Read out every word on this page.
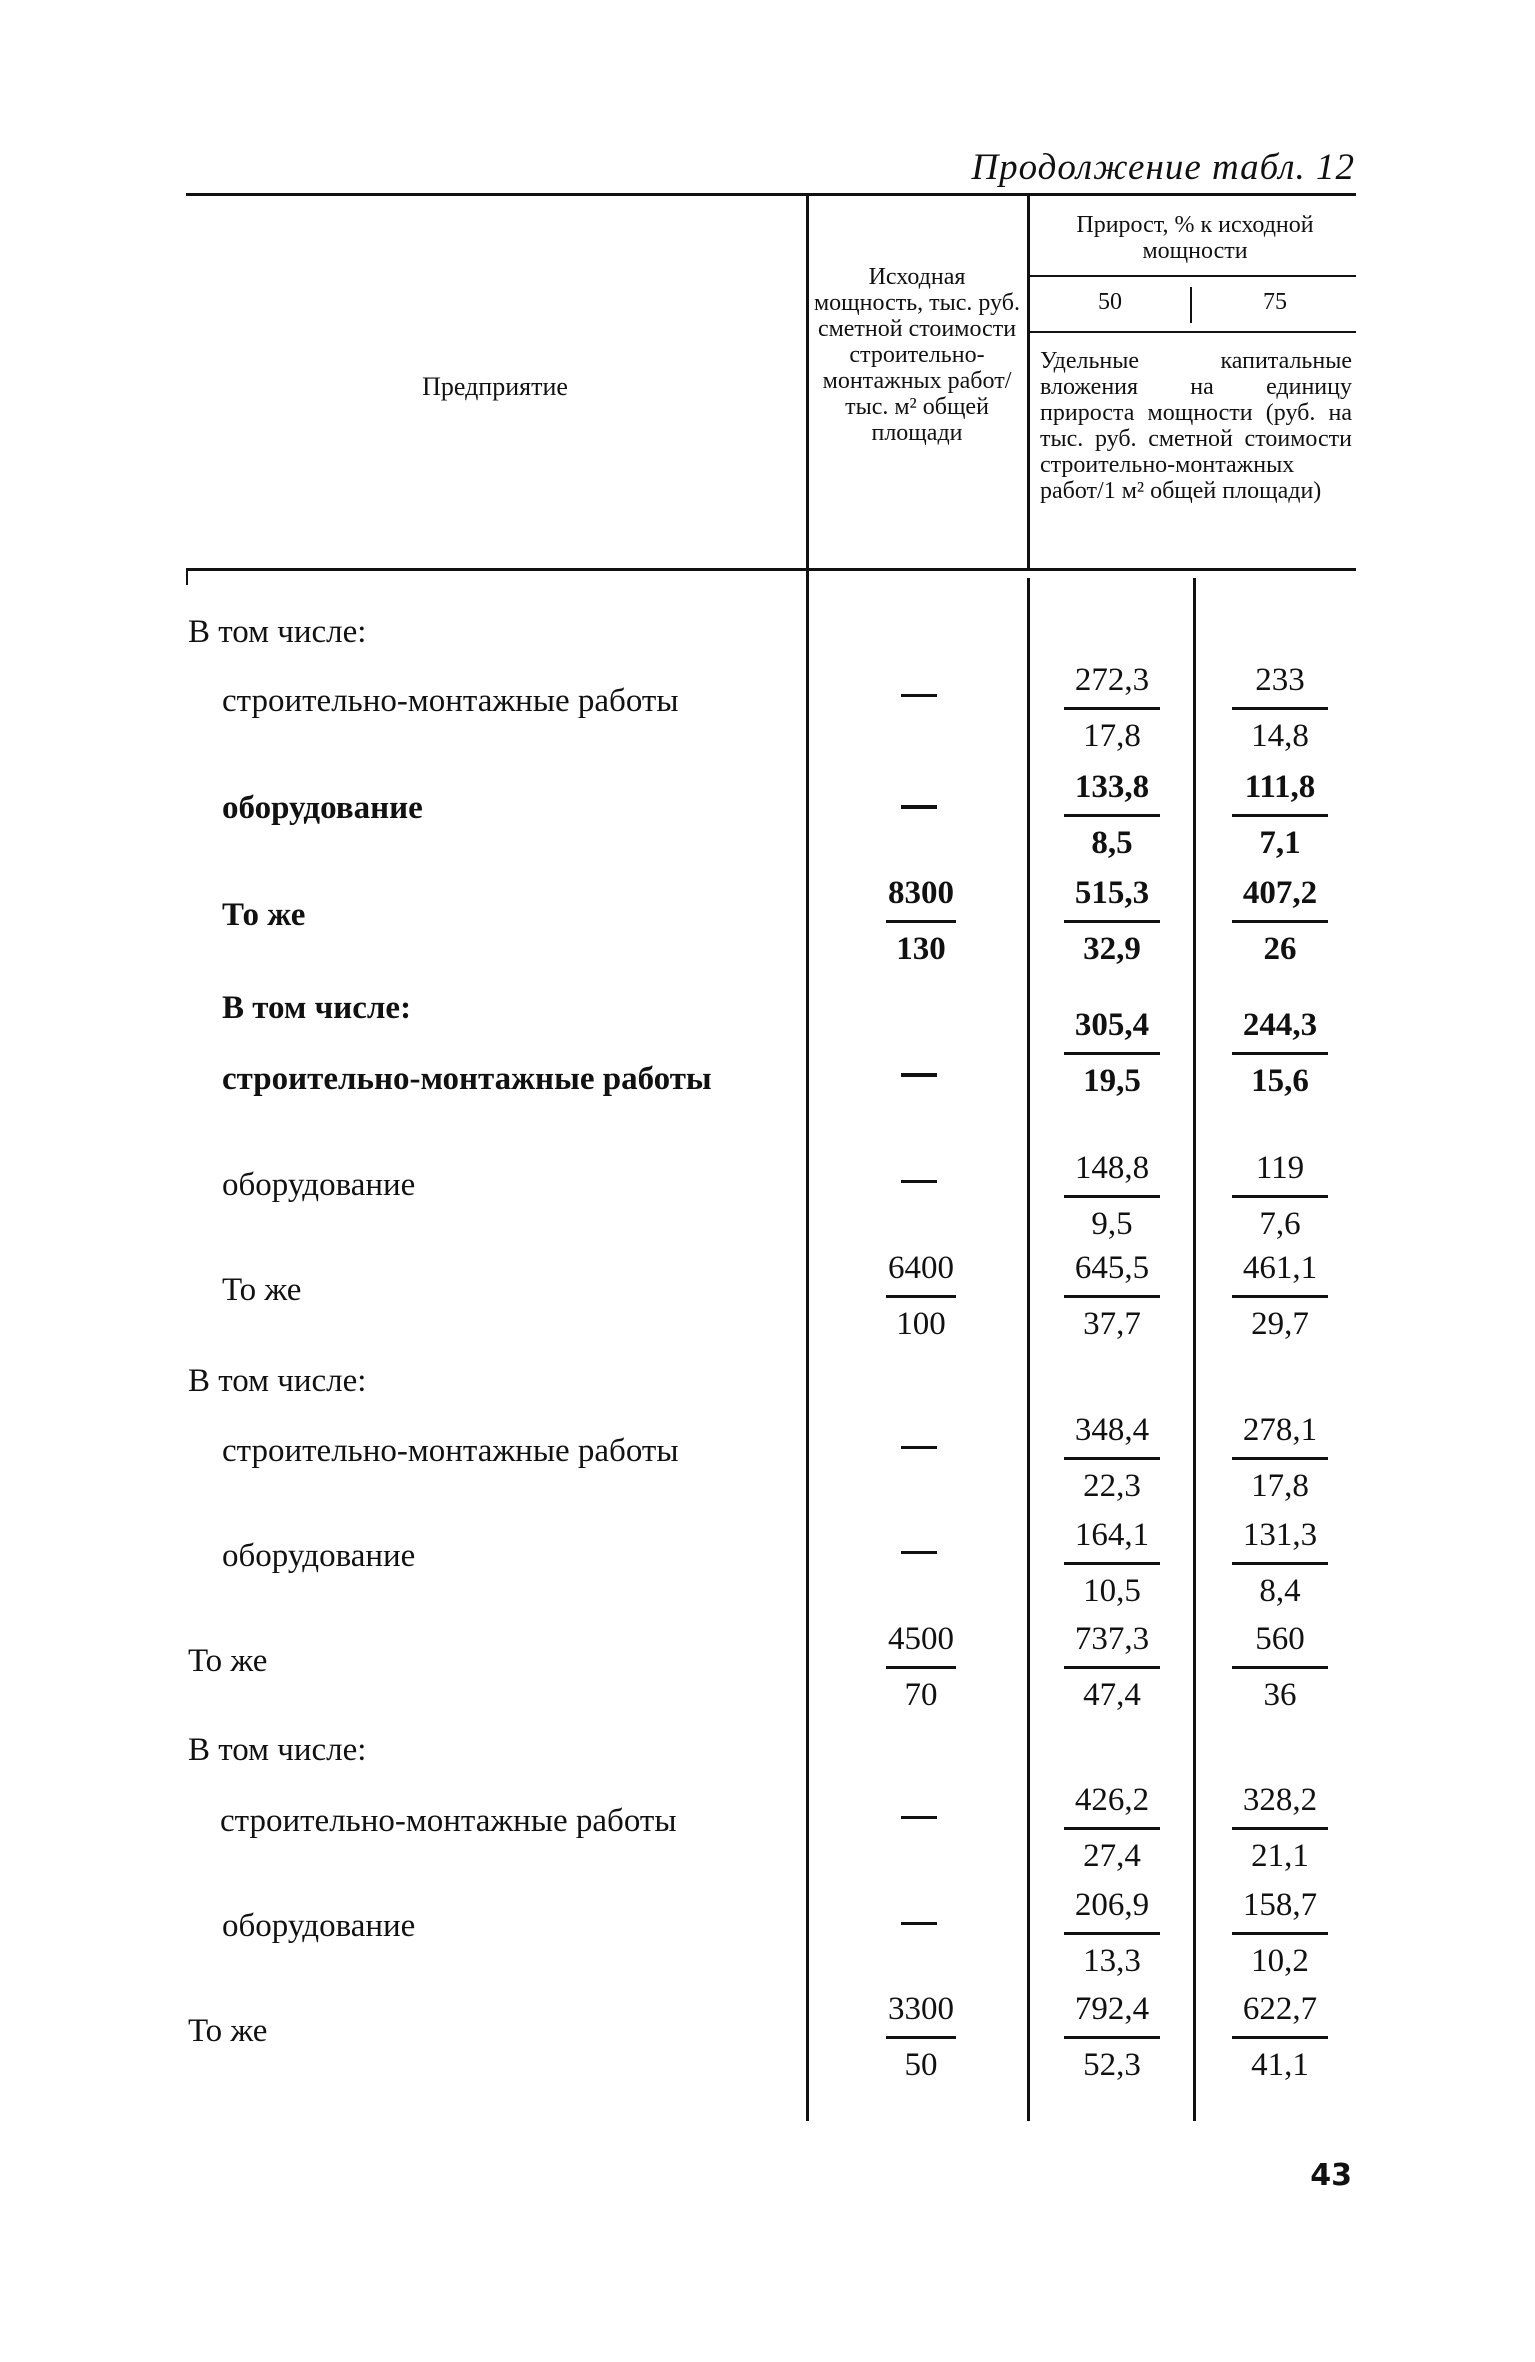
Продолжение табл. 12
Предприятие
Исходная мощность, тыс. руб. сметной стоимости строительно-монтажных работ/тыс. м² общей площади
Прирост, % к исходной мощности
50	75
Удельные капитальные вложения на единицу прироста мощности (руб. на тыс. руб. сметной стоимости строительно-монтажных работ/1 м² общей площади)
В том числе:
строительно-монтажные работы
272,3
17,8
233
14,8
оборудование
133,8
8,5
111,8
7,1
То же
8300
130
515,3
32,9
407,2
26
В том числе:
строительно-монтажные работы
305,4
19,5
244,3
15,6
оборудование	148,8
9,5
119
7,6
То же
6400
100
645,5
37,7
461,1
29,7
В том числе:
строительно-монтажные работы
348,4
22,3
278,1
17,8
оборудование
164,1
10,5
131,3
8,4
То же
4500
70
737,3
47,4
560
36
В том числе:
строительно-монтажные работы
426,2
27,4
328,2
21,1
оборудование
206,9
13,3
158,7
10,2
То же
3300
50
792,4
52,3
622,7
41,1
43
